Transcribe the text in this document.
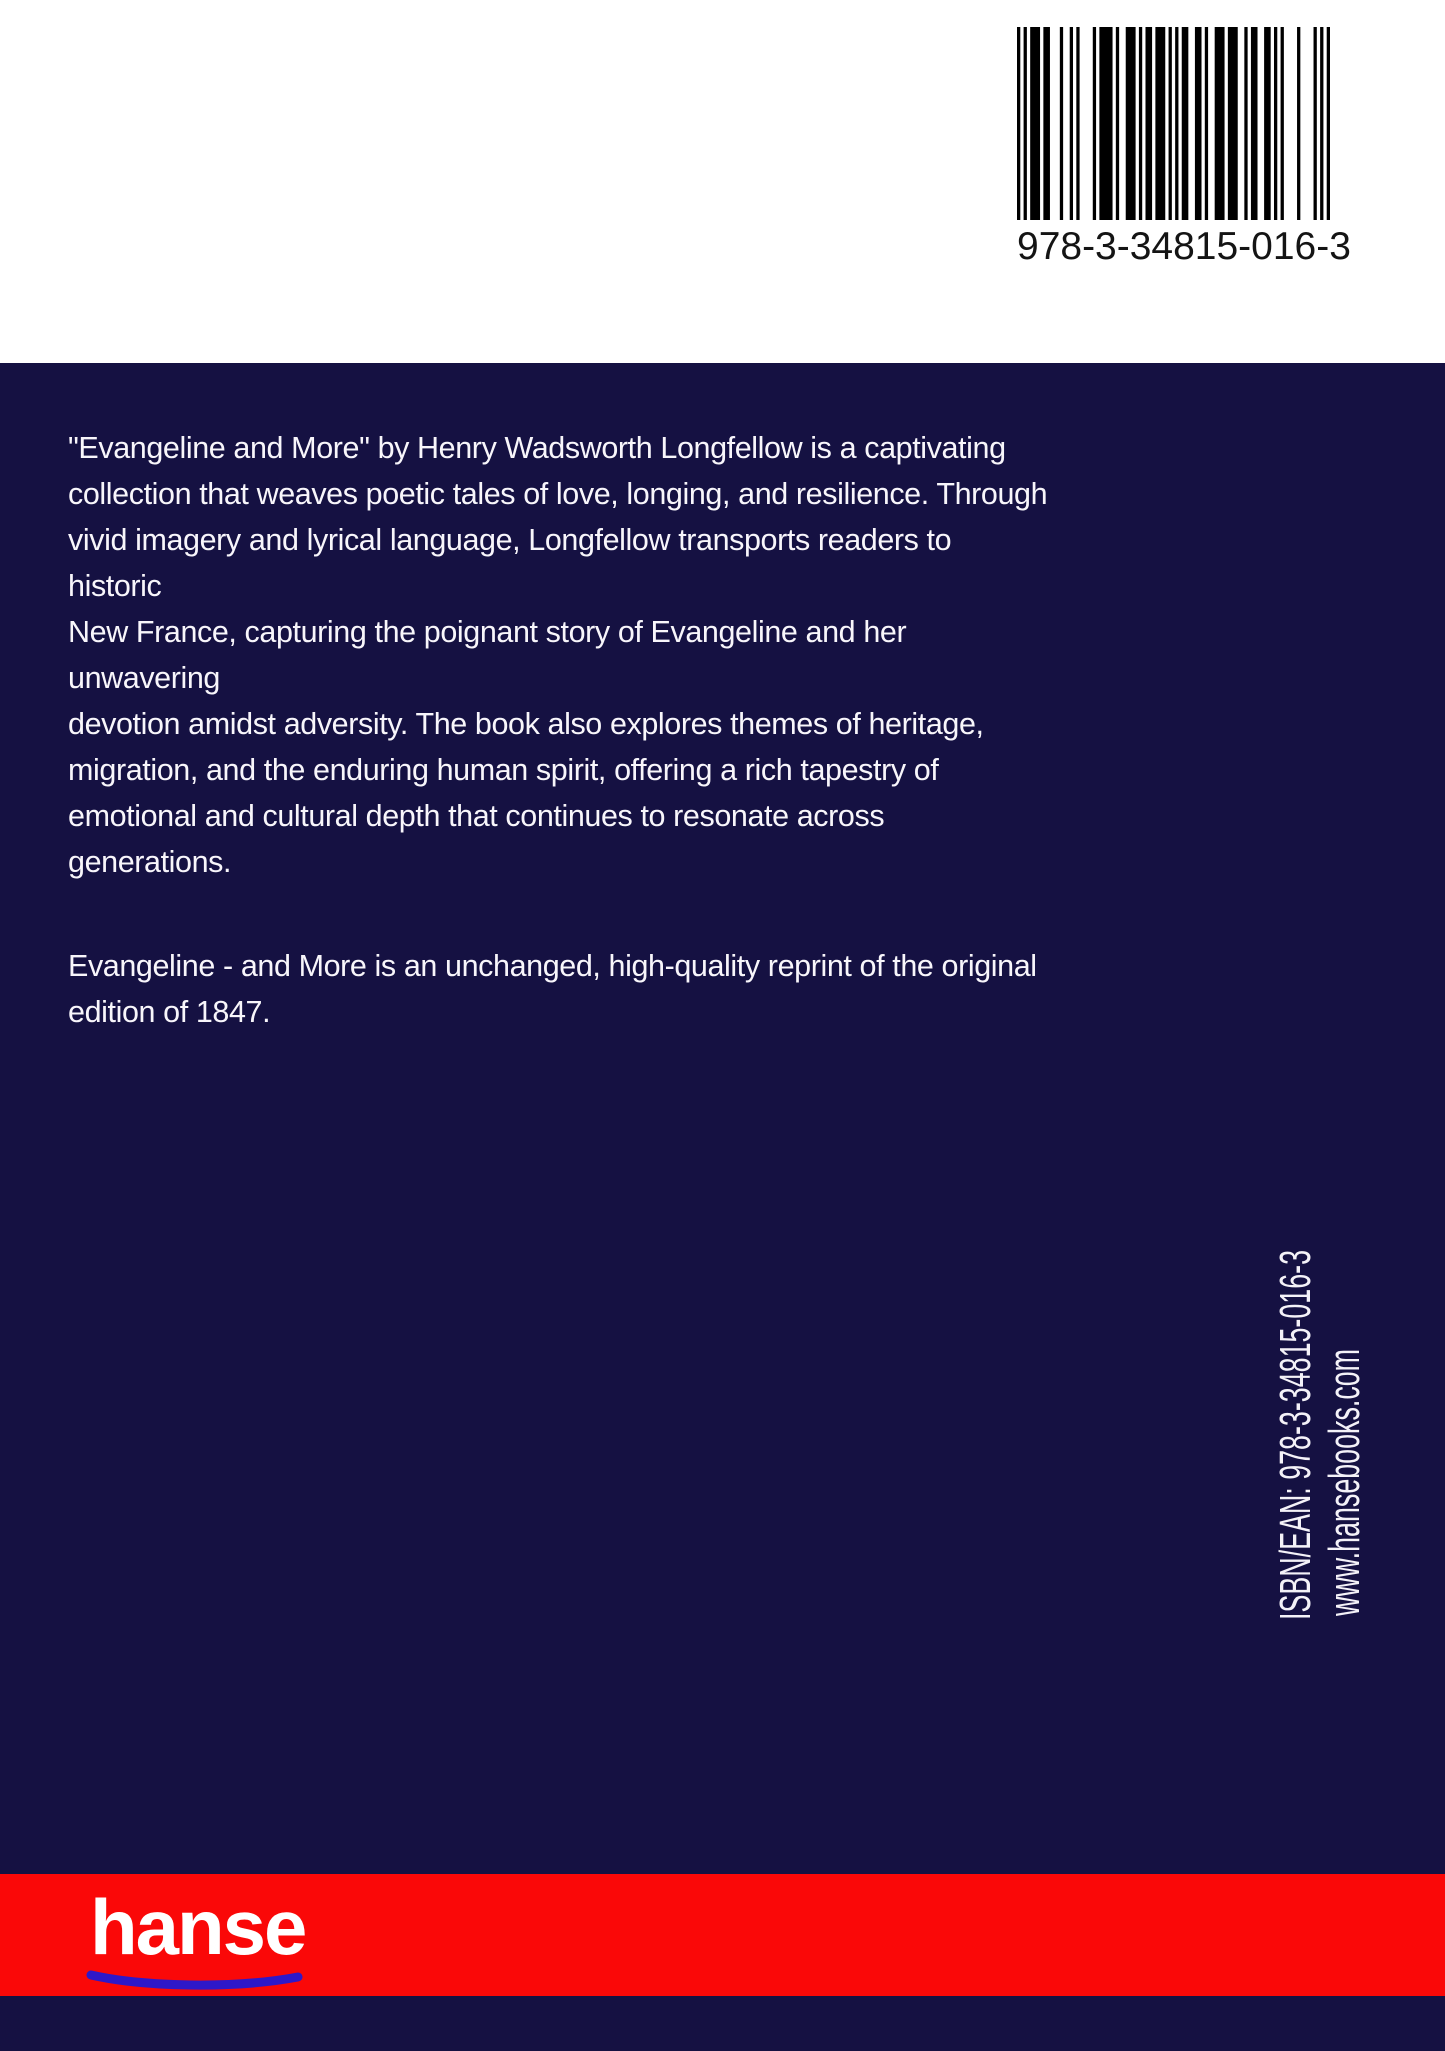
978-3-34815-016-3

"Evangeline and More" by Henry Wadsworth Longfellow is a captivating
collection that weaves poetic tales of love, longing, and resilience. Through
vivid imagery and lyrical language, Longfellow transports readers to historic
New France, capturing the poignant story of Evangeline and her unwavering
devotion amidst adversity. The book also explores themes of heritage,
migration, and the enduring human spirit, offering a rich tapestry of
emotional and cultural depth that continues to resonate across generations.

Evangeline - and More is an unchanged, high-quality reprint of the original
edition of 1847.

ISBN/EAN: 978-3-34815-016-3 www.hansebooks.com
hanse
